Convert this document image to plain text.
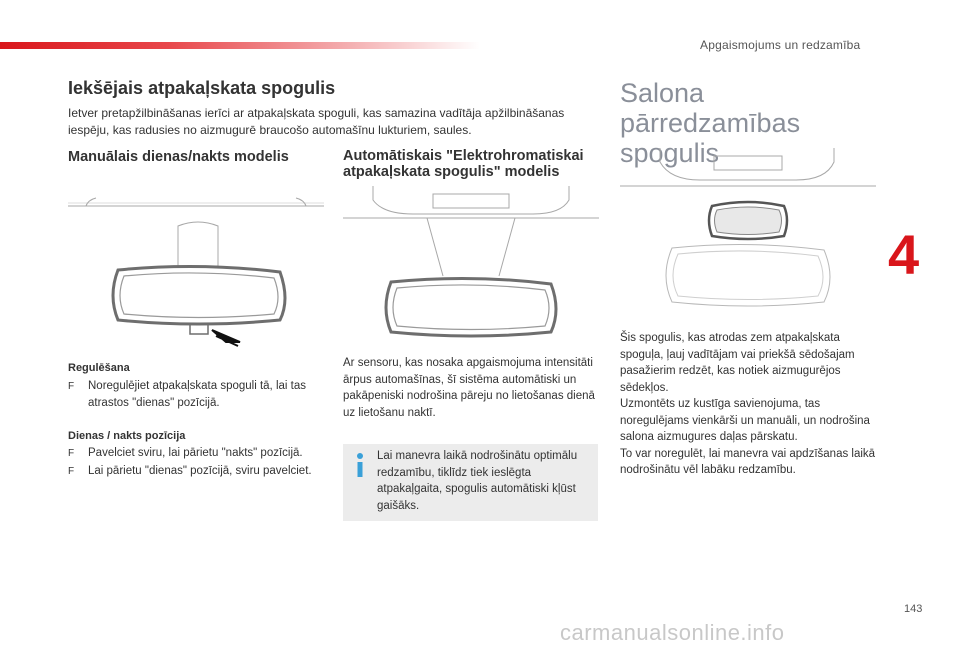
Apgaismojums un redzamība
4
Iekšējais atpakaļskata spogulis
Ietver pretapžilbināšanas ierīci ar atpakaļskata spoguli, kas samazina vadītāja apžilbināšanas iespēju, kas radusies no aizmugurē braucošo automašīnu lukturiem, saules.
Manuālais dienas/nakts modelis	Automātiskais "Elektrohromatiskai atpakaļskata spogulis" modelis
Regulēšana
F	Noregulējiet atpakaļskata spoguli tā, lai tas atrastos "dienas" pozīcijā.
Dienas / nakts pozīcija
F	Pavelciet sviru, lai pārietu "nakts" pozīcijā.
F	Lai pārietu "dienas" pozīcijā, sviru pavelciet.
Ar sensoru, kas nosaka apgaismojuma intensitāti ārpus automašīnas, šī sistēma automātiski un pakāpeniski nodrošina pāreju no lietošanas dienā uz lietošanu naktī.
Lai manevra laikā nodrošinātu optimālu redzamību, tiklīdz tiek ieslēgta atpakaļgaita, spogulis automātiski kļūst gaišāks.
Salona pārredzamības spogulis
Šis spogulis, kas atrodas zem atpakaļskata spoguļa, ļauj vadītājam vai priekšā sēdošajam pasažierim redzēt, kas notiek aizmugurējos sēdekļos.
Uzmontēts uz kustīga savienojuma, tas noregulējams vienkārši un manuāli, un nodrošina salona aizmugures daļas pārskatu.
To var noregulēt, lai manevra vai apdzīšanas laikā nodrošinātu vēl labāku redzamību.
143
carmanualsonline.info
